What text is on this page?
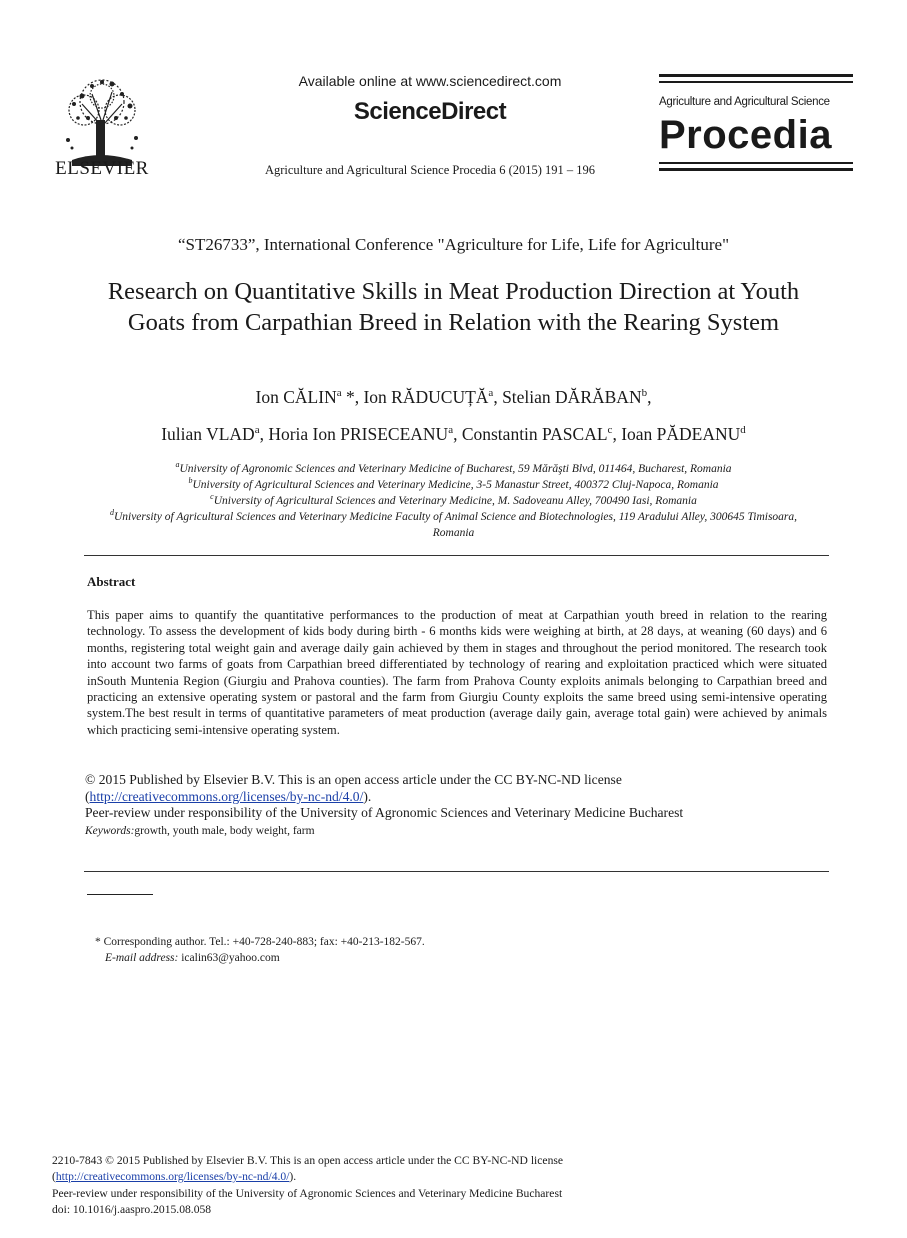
ELSEVIER
Available online at www.sciencedirect.com
ScienceDirect
Agriculture and Agricultural Science Procedia 6 (2015) 191 – 196
Agriculture and Agricultural Science
Procedia
“ST26733”, International Conference "Agriculture for Life, Life for Agriculture"
Research on Quantitative Skills in Meat Production Direction at Youth Goats from Carpathian Breed in Relation with the Rearing System
Ion CĂLIN$^a$ *, Ion RĂDUCUȚĂ$^a$, Stelian DĂRĂBAN$^b$,
Iulian VLAD$^a$, Horia Ion PRISECEANU$^a$, Constantin PASCAL$^c$, Ioan PĂDEANU$^d$
$^a$University of Agronomic Sciences and Veterinary Medicine of Bucharest, 59 Mărăşti Blvd, 011464, Bucharest, Romania
$^b$University of Agricultural Sciences and Veterinary Medicine, 3-5 Manastur Street, 400372 Cluj-Napoca, Romania
$^c$University of Agricultural Sciences and Veterinary Medicine, M. Sadoveanu Alley, 700490 Iasi, Romania
$^d$University of Agricultural Sciences and Veterinary Medicine Faculty of Animal Science and Biotechnologies, 119 Aradului Alley, 300645 Timisoara, Romania
Abstract
This paper aims to quantify the quantitative performances to the production of meat at Carpathian youth breed in relation to the rearing technology. To assess the development of kids body during birth - 6 months kids were weighing at birth, at 28 days, at weaning (60 days) and 6 months, registering total weight gain and average daily gain achieved by them in stages and throughout the period monitored. The research took into account two farms of goats from Carpathian breed differentiated by technology of rearing and exploitation practiced which were situated inSouth Muntenia Region (Giurgiu and Prahova counties). The farm from Prahova County exploits animals belonging to Carpathian breed and practicing an extensive operating system or pastoral and the farm from Giurgiu County exploits the same breed using semi-intensive operating system.The best result in terms of quantitative parameters of meat production (average daily gain, average total gain) were achieved by animals which practicing semi-intensive operating system.
© 2015 Published by Elsevier B.V. This is an open access article under the CC BY-NC-ND license
(http://creativecommons.org/licenses/by-nc-nd/4.0/).
Peer-review under responsibility of the University of Agronomic Sciences and Veterinary Medicine Bucharest
Keywords:growth, youth male, body weight, farm
* Corresponding author. Tel.: +40-728-240-883; fax: +40-213-182-567.
E-mail address: icalin63@yahoo.com
2210-7843 © 2015 Published by Elsevier B.V. This is an open access article under the CC BY-NC-ND license
(http://creativecommons.org/licenses/by-nc-nd/4.0/).
Peer-review under responsibility of the University of Agronomic Sciences and Veterinary Medicine Bucharest
doi: 10.1016/j.aaspro.2015.08.058
